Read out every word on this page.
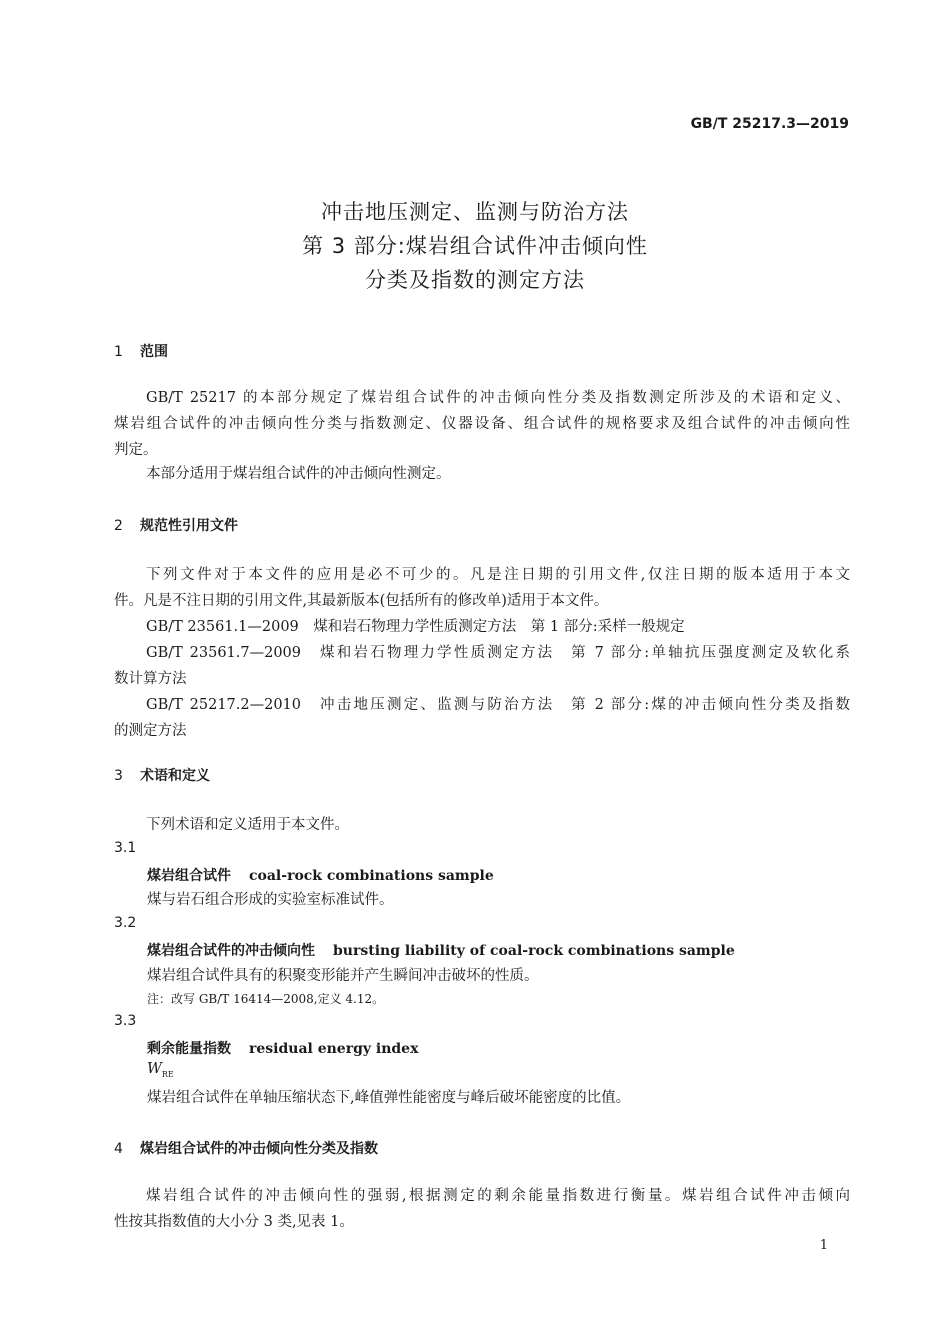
GB/T 25217.3—2019
冲击地压测定、监测与防治方法
第 3 部分:煤岩组合试件冲击倾向性
分类及指数的测定方法
1 范围
GB/T 25217 的本部分规定了煤岩组合试件的冲击倾向性分类及指数测定所涉及的术语和定义、
煤岩组合试件的冲击倾向性分类与指数测定、仪器设备、组合试件的规格要求及组合试件的冲击倾向性
判定。
本部分适用于煤岩组合试件的冲击倾向性测定。
2 规范性引用文件
下列文件对于本文件的应用是必不可少的。凡是注日期的引用文件,仅注日期的版本适用于本文
件。凡是不注日期的引用文件,其最新版本(包括所有的修改单)适用于本文件。
GB/T 23561.1—2009　煤和岩石物理力学性质测定方法　第 1 部分:采样一般规定
GB/T 23561.7—2009　煤和岩石物理力学性质测定方法　第 7 部分:单轴抗压强度测定及软化系
数计算方法
GB/T 25217.2—2010　冲击地压测定、监测与防治方法　第 2 部分:煤的冲击倾向性分类及指数
的测定方法
3 术语和定义
下列术语和定义适用于本文件。
3.1
煤岩组合试件 coal-rock combinations sample
煤与岩石组合形成的实验室标准试件。
3.2
煤岩组合试件的冲击倾向性 bursting liability of coal-rock combinations sample
煤岩组合试件具有的积聚变形能并产生瞬间冲击破坏的性质。
注：改写 GB/T 16414—2008,定义 4.12。
3.3
剩余能量指数 residual energy index
$W_{RE}$
煤岩组合试件在单轴压缩状态下,峰值弹性能密度与峰后破坏能密度的比值。
4 煤岩组合试件的冲击倾向性分类及指数
煤岩组合试件的冲击倾向性的强弱,根据测定的剩余能量指数进行衡量。煤岩组合试件冲击倾向
性按其指数值的大小分 3 类,见表 1。
1
